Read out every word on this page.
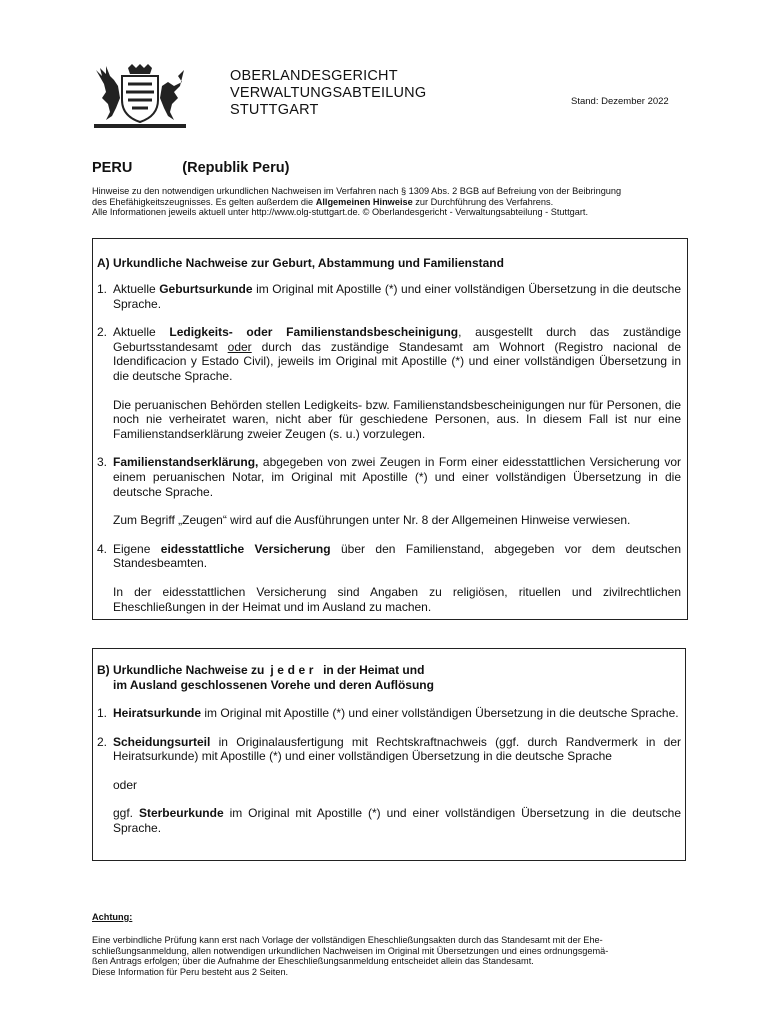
OBERLANDESGERICHT
VERWALTUNGSABTEILUNG
STUTTGART
Stand: Dezember 2022
PERU	(Republik Peru)
Hinweise zu den notwendigen urkundlichen Nachweisen im Verfahren nach § 1309 Abs. 2 BGB auf Befreiung von der Beibringung
des Ehefähigkeitszeugnisses. Es gelten außerdem die Allgemeinen Hinweise zur Durchführung des Verfahrens.
Alle Informationen jeweils aktuell unter http://www.olg-stuttgart.de. © Oberlandesgericht - Verwaltungsabteilung - Stuttgart.
A) Urkundliche Nachweise zur Geburt, Abstammung und Familienstand
1. Aktuelle Geburtsurkunde im Original mit Apostille (*) und einer vollständigen Übersetzung in die deutsche Sprache.

2. Aktuelle Ledigkeits- oder Familienstandsbescheinigung, ausgestellt durch das zuständige Geburtsstandesamt oder durch das zuständige Standesamt am Wohnort (Registro nacional de Idendificacion y Estado Civil), jeweils im Original mit Apostille (*) und einer vollständigen Übersetzung in die deutsche Sprache.

Die peruanischen Behörden stellen Ledigkeits- bzw. Familienstandsbescheinigungen nur für Personen, die noch nie verheiratet waren, nicht aber für geschiedene Personen, aus. In diesem Fall ist nur eine Familienstandserklärung zweier Zeugen (s. u.) vorzulegen.

3. Familienstandserklärung, abgegeben von zwei Zeugen in Form einer eidesstattlichen Versicherung vor einem peruanischen Notar, im Original mit Apostille (*) und einer vollständigen Übersetzung in die deutsche Sprache.

Zum Begriff „Zeugen“ wird auf die Ausführungen unter Nr. 8 der Allgemeinen Hinweise verwiesen.

4. Eigene eidesstattliche Versicherung über den Familienstand, abgegeben vor dem deutschen Standesbeamten.

In der eidesstattlichen Versicherung sind Angaben zu religiösen, rituellen und zivilrechtlichen Eheschließungen in der Heimat und im Ausland zu machen.

B) Urkundliche Nachweise zu jeder in der Heimat und
im Ausland geschlossenen Vorehe und deren Auflösung
1. Heiratsurkunde im Original mit Apostille (*) und einer vollständigen Übersetzung in die deutsche Sprache.

2. Scheidungsurteil in Originalausfertigung mit Rechtskraftnachweis (ggf. durch Randvermerk in der Heiratsurkunde) mit Apostille (*) und einer vollständigen Übersetzung in die deutsche Sprache

oder

ggf. Sterbeurkunde im Original mit Apostille (*) und einer vollständigen Übersetzung in die deutsche Sprache.

Achtung:
Eine verbindliche Prüfung kann erst nach Vorlage der vollständigen Eheschließungsakten durch das Standesamt mit der Ehe-
schließungsanmeldung, allen notwendigen urkundlichen Nachweisen im Original mit Übersetzungen und eines ordnungsgemä-
ßen Antrags erfolgen; über die Aufnahme der Eheschließungsanmeldung entscheidet allein das Standesamt.
Diese Information für Peru besteht aus 2 Seiten.
